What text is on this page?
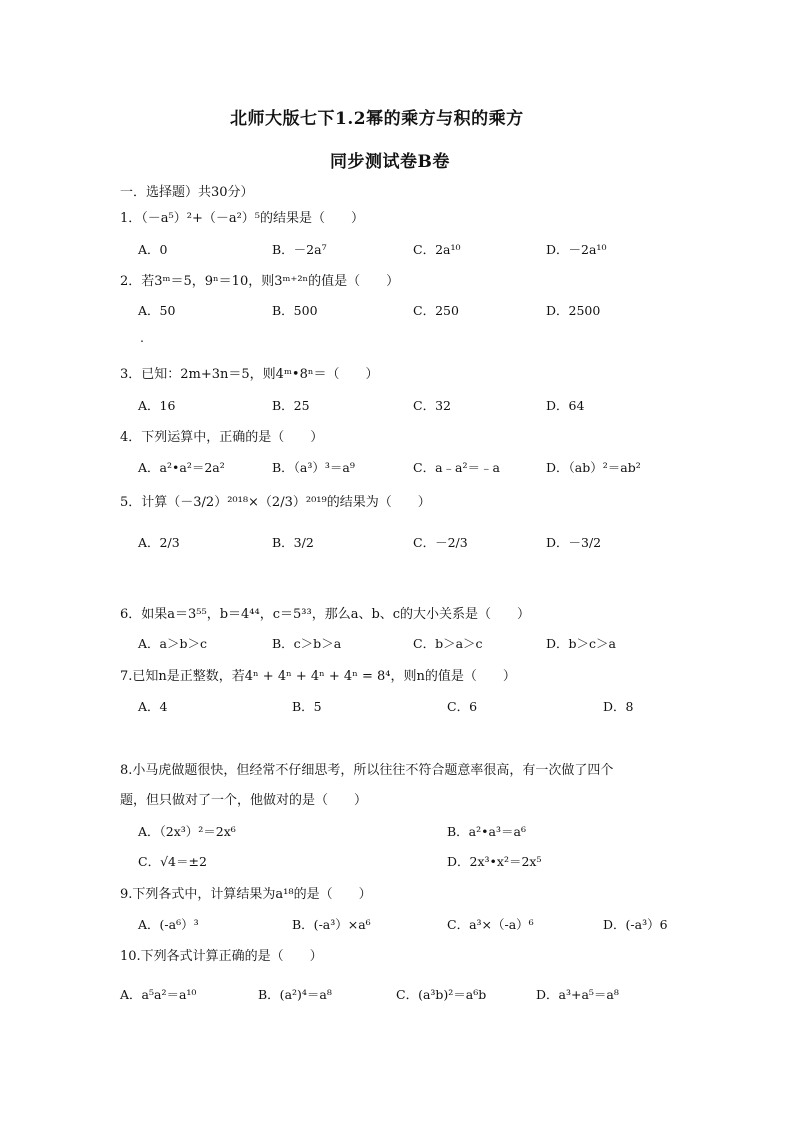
北师大版七下1.2幂的乘方与积的乘方
同步测试卷B卷
一．选择题）共30分）
1．（－a⁵）²+（－a²）⁵的结果是（　　）
A．0	B．－2a⁷	C．2a¹⁰	D．－2a¹⁰
2．若3ᵐ＝5，9ⁿ＝10，则3ᵐ⁺²ⁿ的值是（　　）
A．50	B．500	C．250	D．2500
.
3．已知：2m+3n＝5，则4ᵐ•8ⁿ＝（　　）
A．16	B．25	C．32	D．64
4．下列运算中，正确的是（　　）
A．a²•a²＝2a²	B．（a³）³＝a⁹	C．a﹣a²＝﹣a	D．（ab）²＝ab²
5．计算（－3/2）²⁰¹⁸×（2/3）²⁰¹⁹的结果为（　　）
A．2/3	B．3/2	C．－2/3	D．－3/2
6．如果a＝3⁵⁵，b＝4⁴⁴，c＝5³³，那么a、b、c的大小关系是（　　）
A．a＞b＞c	B．c＞b＞a	C．b＞a＞c	D．b＞c＞a
7.已知n是正整数，若4ⁿ + 4ⁿ + 4ⁿ + 4ⁿ = 8⁴，则n的值是（　　）
A．4	B．5	C．6	D．8
8.小马虎做题很快，但经常不仔细思考，所以往往不符合题意率很高，有一次做了四个
题，但只做对了一个，他做对的是（　　）
A．（2x³）²＝2x⁶	B．a²•a³＝a⁶
C．√4＝±2	D．2x³•x²＝2x⁵
9.下列各式中，计算结果为a¹⁸的是（　　）
A．(-a⁶）³	B．(-a³）×a⁶	C．a³×（-a）⁶	D．(-a³）6
10.下列各式计算正确的是（　　）
A．a⁵a²＝a¹⁰	B．(a²)⁴＝a⁸	C．(a³b)²＝a⁶b	D．a³+a⁵＝a⁸
